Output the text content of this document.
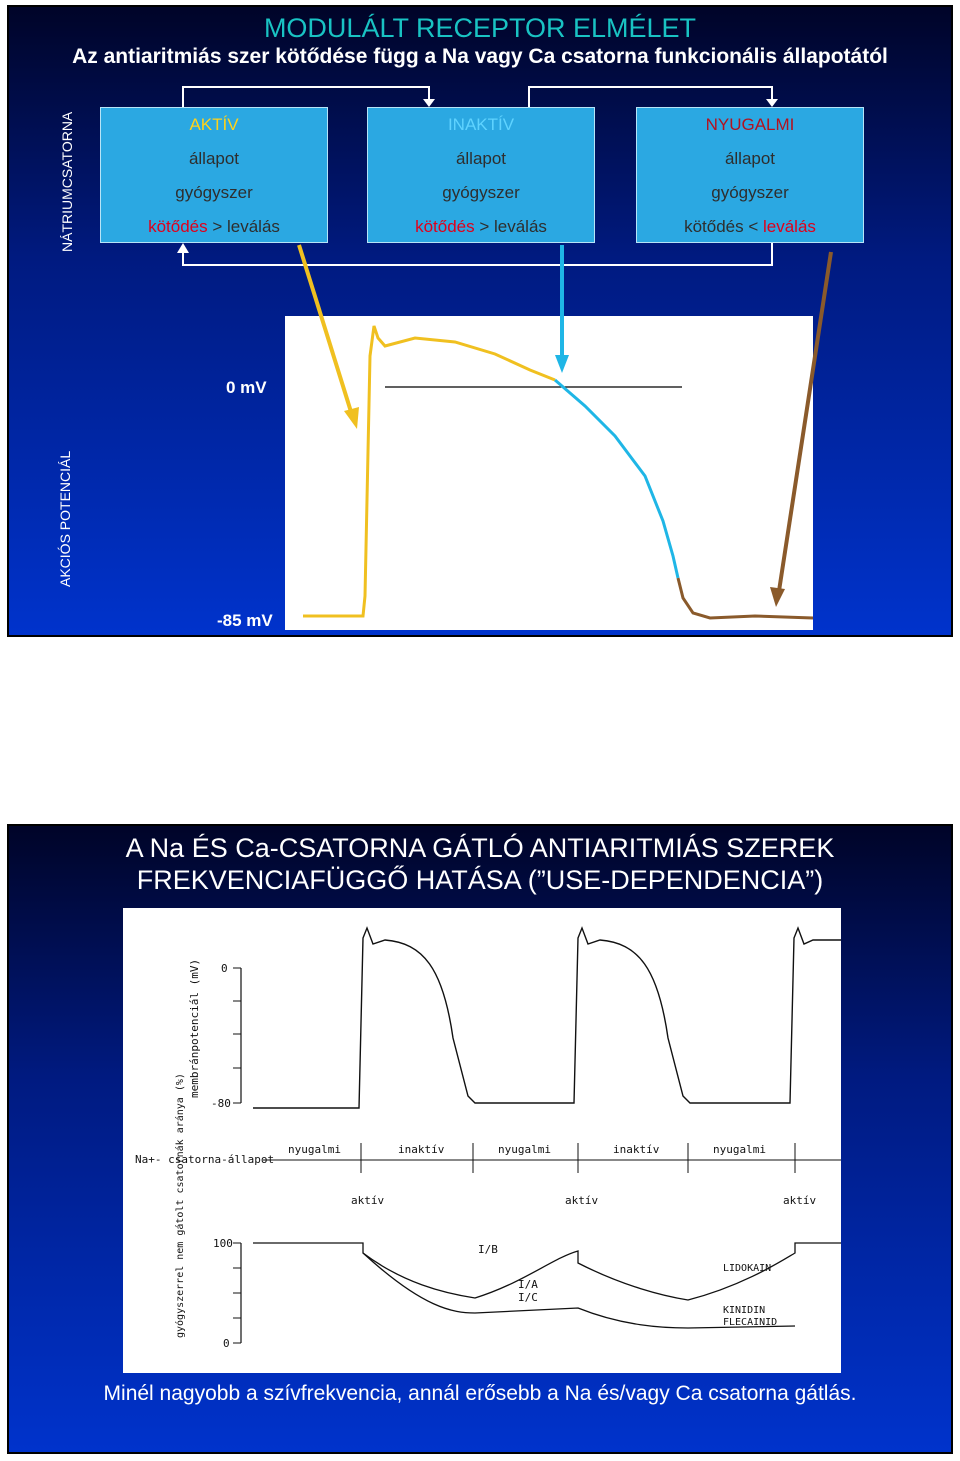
MODULÁLT RECEPTOR ELMÉLET
Az antiaritmiás szer kötődése függ a Na vagy Ca csatorna funkcionális állapotától
NÁTRIUMCSATORNA
AKCIÓS POTENCIÁL
AKTÍV
állapot
gyógyszer
kötődés > leválás
INAKTÍV
állapot
gyógyszer
kötődés > leválás
NYUGALMI
állapot
gyógyszer
kötődés < leválás
0 mV
-85 mV
A Na ÉS Ca-CSATORNA GÁTLÓ ANTIARITMIÁS SZEREK
FREKVENCIAFÜGGŐ HATÁSA (”USE-DEPENDENCIA”)
0
-80
membránpotenciál (mV)
Na+- csatorna-állapot
nyugalmi	inaktív	nyugalmi	inaktív	nyugalmi
aktív	aktív	aktív
100
0
gyógyszerrel nem gátolt csatornák aránya (%)	I/B
I/A
I/C
LIDOKAIN
KINIDIN
FLECAINID
Minél nagyobb a szívfrekvencia, annál erősebb a Na és/vagy Ca csatorna gátlás.
